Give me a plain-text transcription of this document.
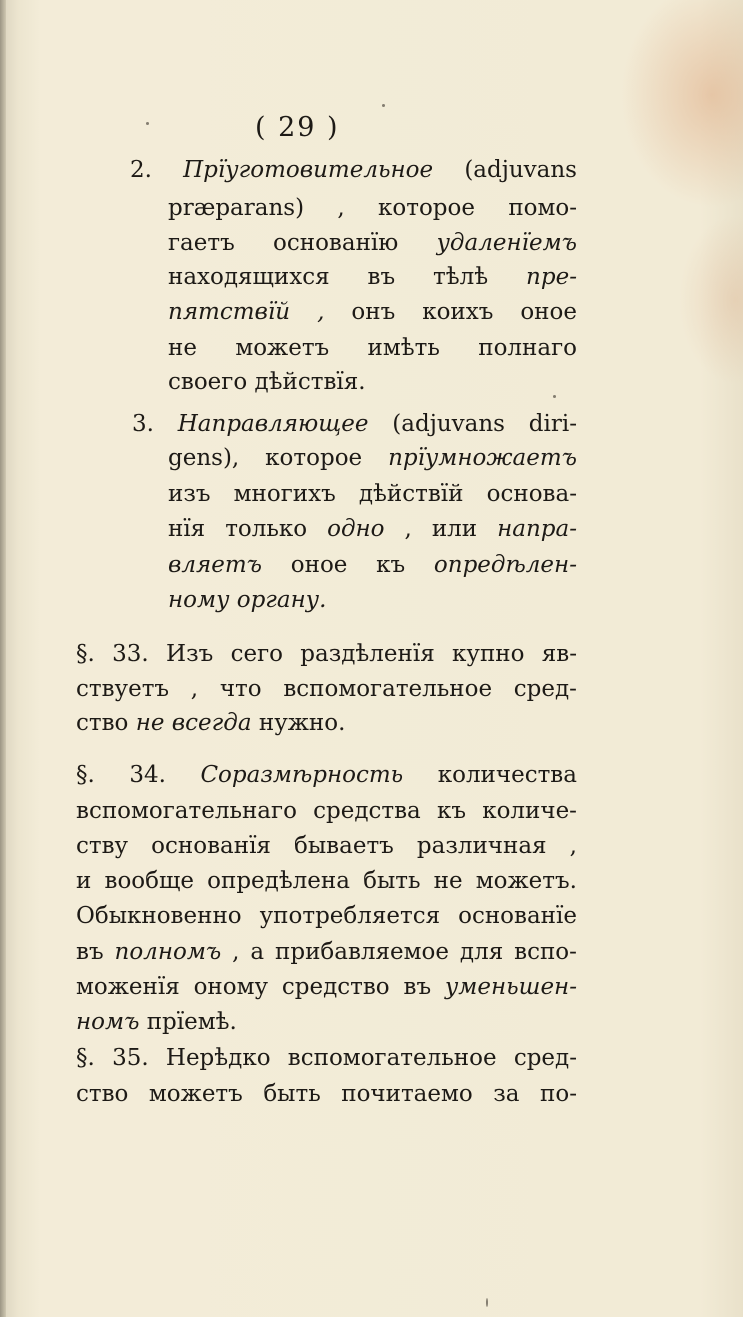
( 29 )
2. Прïуготовительное (adjuvans
præparans) , которое помо-
гаетъ основанïю удаленïемъ
находящихся въ тѣлѣ пре-
пятствïй , онъ коихъ оное
не можетъ имѣть полнаго
своего дѣйствïя.
3. Направляющее (adjuvans diri-
gens), которое прïумножаетъ
изъ многихъ дѣйствïй основа-
нïя только одно , или напра-
вляетъ оное къ опредѣлен-
ному органу.
§. 33. Изъ сего раздѣленïя купно яв-
ствуетъ , что вспомогательное сред-
ство не всегда нужно.
§. 34. Соразмѣрность количества
вспомогательнаго средства къ количе-
ству основанïя бываетъ различная ,
и вообще опредѣлена быть не можетъ.
Обыкновенно употребляется основанïе
въ полномъ , а прибавляемое для вспо-
моженïя оному средство въ уменьшен-
номъ прïемѣ.
§. 35. Нерѣдко вспомогательное сред-
ство можетъ быть почитаемо за по-
